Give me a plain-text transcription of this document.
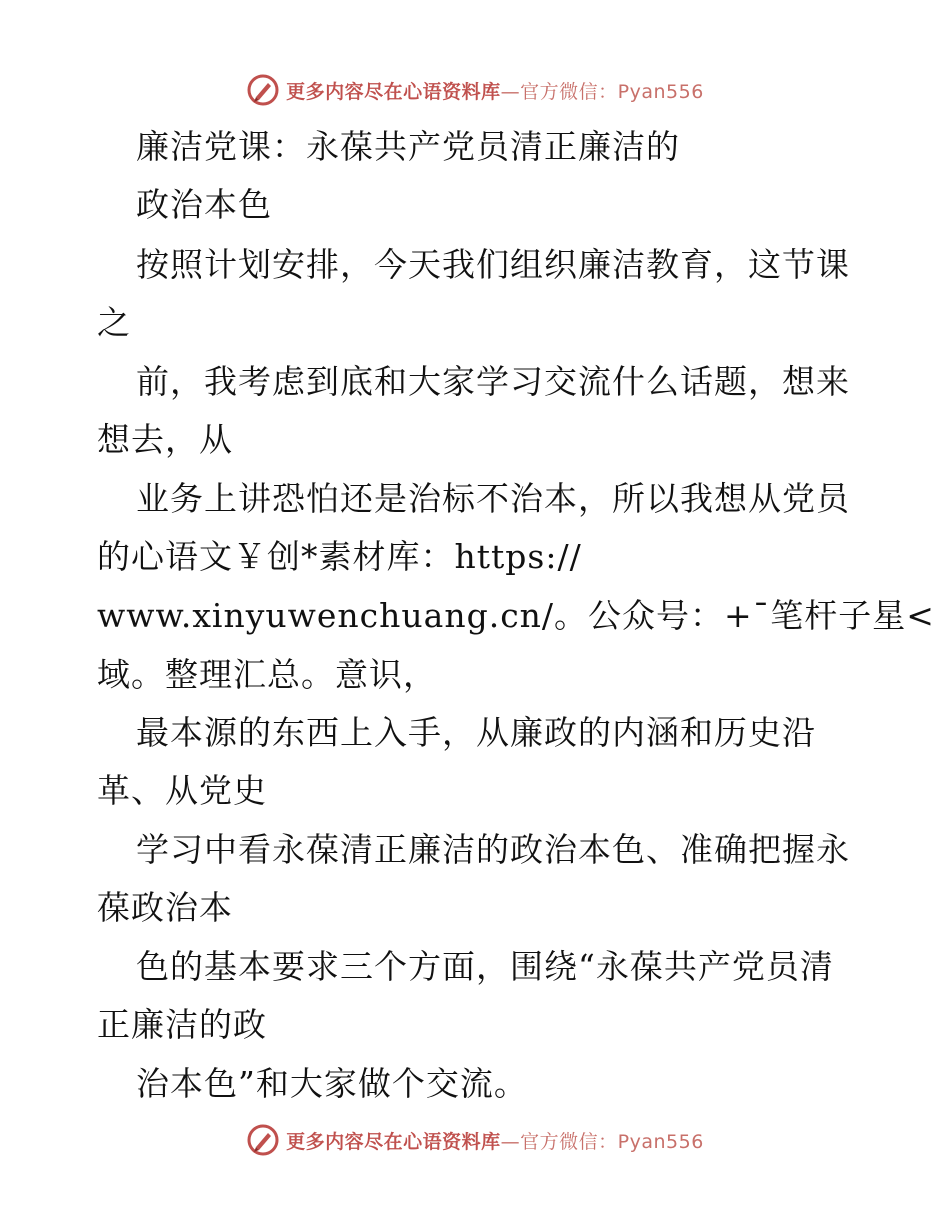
更多内容尽在心语资料库—官方微信：Pyan556
廉洁党课：永葆共产党员清正廉洁的
政治本色
按照计划安排，今天我们组织廉洁教育，这节课
之
前，我考虑到底和大家学习交流什么话题，想来
想去，从
业务上讲恐怕还是治标不治本，所以我想从党员
的心语文￥创*素材库：https://
www.xinyuwenchuang.cn/。公众号：+¯笔杆子星<
域。整理汇总。意识，
最本源的东西上入手，从廉政的内涵和历史沿
革、从党史
学习中看永葆清正廉洁的政治本色、准确把握永
葆政治本
色的基本要求三个方面，围绕“永葆共产党员清
正廉洁的政
治本色”和大家做个交流。
更多内容尽在心语资料库—官方微信：Pyan556
